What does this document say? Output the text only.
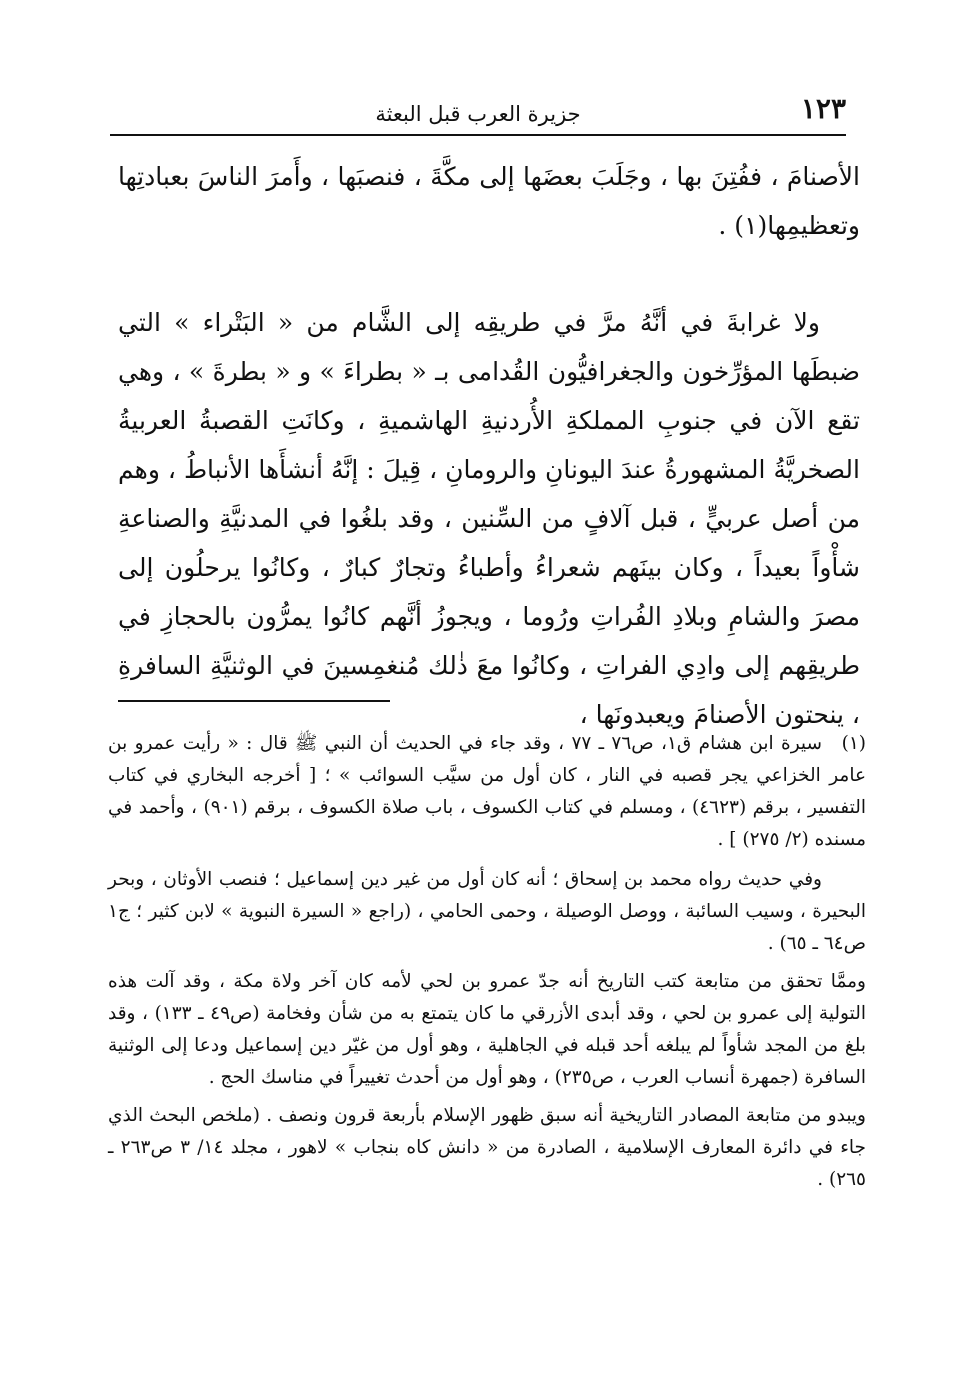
١٢٣
جزيرة العرب قبل البعثة

الأصنامَ ، ففُتِنَ بها ، وجَلَبَ بعضَها إلى مكَّةَ ، فنصبَها ، وأَمرَ الناسَ بعبادتِها وتعظيمِها(١) .

ولا غرابةَ في أنَّهُ مرَّ في طريقِه إلى الشَّام من « البَتْراء » التي ضبطَها المؤرِّخون والجغرافيُّون القُدامى بـ « بطراءَ » و « بطرةَ » ، وهي تقع الآن في جنوبِ المملكةِ الأُردنيةِ الهاشميةِ ، وكانَتِ القصبةُ العربيةُ الصخريَّةُ المشهورةُ عندَ اليونانِ والرومانِ ، قِيلَ : إنَّهُ أنشأَها الأنباطُ ، وهم من أصل عربيٍّ ، قبل آلافٍ من السِّنين ، وقد بلغُوا في المدنيَّةِ والصناعةِ شأْواً بعيداً ، وكان بينَهم شعراءُ وأطباءُ وتجارٌ كبارٌ ، وكانُوا يرحلُون إلى مصرَ والشامِ وبلادِ الفُراتِ ورُوما ، ويجوزُ أنَّهم كانُوا يمرُّون بالحجازِ في طريقِهم إلى وادِي الفراتِ ، وكانُوا معَ ذٰلك مُنغمِسينَ في الوثنيَّةِ السافرةِ ، ينحتون الأصنامَ ويعبدونَها ،

(١)سيرة ابن هشام ق١، ص٧٦ ـ ٧٧ ، وقد جاء في الحديث أن النبي ﷺ قال : « رأيت عمرو بن عامر الخزاعي يجر قصبه في النار ، كان أول من سيَّب السوائب » ؛ [ أخرجه البخاري في كتاب التفسير ، برقم (٤٦٢٣) ، ومسلم في كتاب الكسوف ، باب صلاة الكسوف ، برقم (٩٠١) ، وأحمد في مسنده (٢/ ٢٧٥) ] .

وفي حديث رواه محمد بن إسحاق ؛ أنه كان أول من غير دين إسماعيل ؛ فنصب الأوثان ، وبحر البحيرة ، وسيب السائبة ، ووصل الوصيلة ، وحمى الحامي ، (راجع « السيرة النبوية » لابن كثير ؛ ج١ ص٦٤ ـ ٦٥) .

وممَّا تحقق من متابعة كتب التاريخ أنه جدّ عمرو بن لحي لأمه كان آخر ولاة مكة ، وقد آلت هذه التولية إلى عمرو بن لحي ، وقد أبدى الأزرقي ما كان يتمتع به من شأن وفخامة (ص٤٩ ـ ١٣٣) ، وقد بلغ من المجد شأواً لم يبلغه أحد قبله في الجاهلية ، وهو أول من غيّر دين إسماعيل ودعا إلى الوثنية السافرة (جمهرة أنساب العرب ، ص٢٣٥) ، وهو أول من أحدث تغييراً في مناسك الحج .

ويبدو من متابعة المصادر التاريخية أنه سبق ظهور الإسلام بأربعة قرون ونصف . (ملخص البحث الذي جاء في دائرة المعارف الإسلامية ، الصادرة من « دانش كاه بنجاب » لاهور ، مجلد ١٤/ ٣ ص٢٦٣ ـ ٢٦٥) .
